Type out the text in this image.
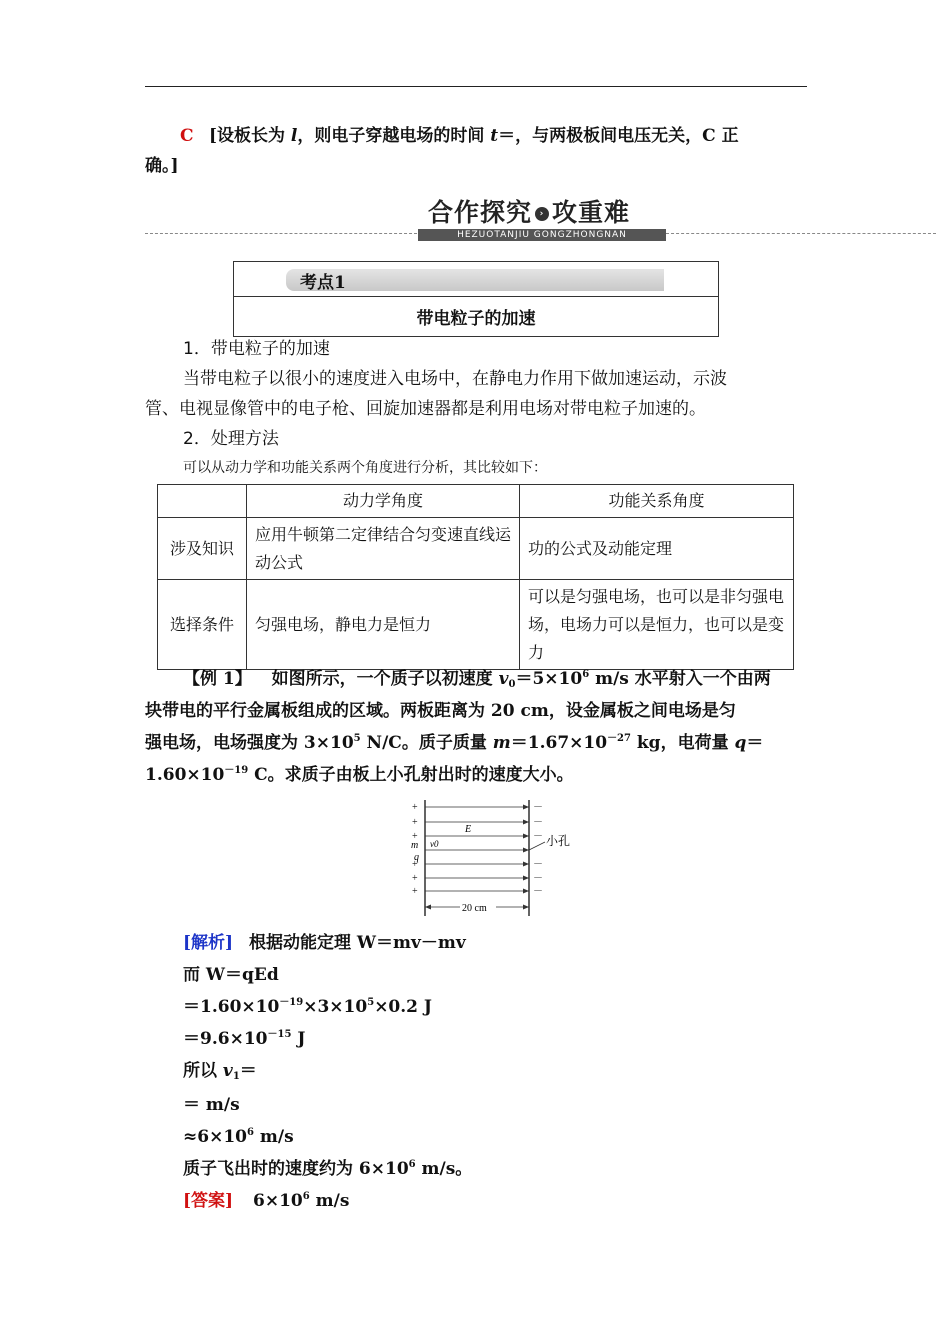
C [设板长为 l，则电子穿越电场的时间 t＝，与两极板间电压无关，C 正
确。]
合作探究 › 攻重难
HEZUOTANJIU GONGZHONGNAN
考点1
带电粒子的加速
1．带电粒子的加速
当带电粒子以很小的速度进入电场中，在静电力作用下做加速运动，示波
管、电视显像管中的电子枪、回旋加速器都是利用电场对带电粒子加速的。
2．处理方法
可以从动力学和功能关系两个角度进行分析，其比较如下：
	动力学角度	功能关系角度
涉及知识	应用牛顿第二定律结合匀变速直线运动公式	功的公式及动能定理
选择条件	匀强电场，静电力是恒力	可以是匀强电场，也可以是非匀强电场，电场力可以是恒力，也可以是变力
【例 1】 如图所示，一个质子以初速度 $v_0=5\times 10^6$ m/s 水平射入一个由两
块带电的平行金属板组成的区域。两板距离为 20 cm，设金属板之间电场是匀
强电场，电场强度为 $3\times 10^5$ N/C。质子质量 $m=1.67\times 10^{-27}$ kg，电荷量 q＝
$1.60\times 10^{-19}$ C。求质子由板上小孔射出时的速度大小。
+
+
+
+
+
+
－
－
－
－
－
－
E
m
q
v0	小孔
20 cm
[解析] 根据动能定理 W＝mv－mv
而 W＝qEd
$=1.60\times 10^{-19}\times 3\times 10^5\times 0.2$ J
$=9.6\times 10^{-15}$ J
所以 $v_1=$
＝ m/s
$\approx 6\times 10^6$ m/s
质子飞出时的速度约为 $6\times 10^6$ m/s。
[答案] $6\times 10^6$ m/s
